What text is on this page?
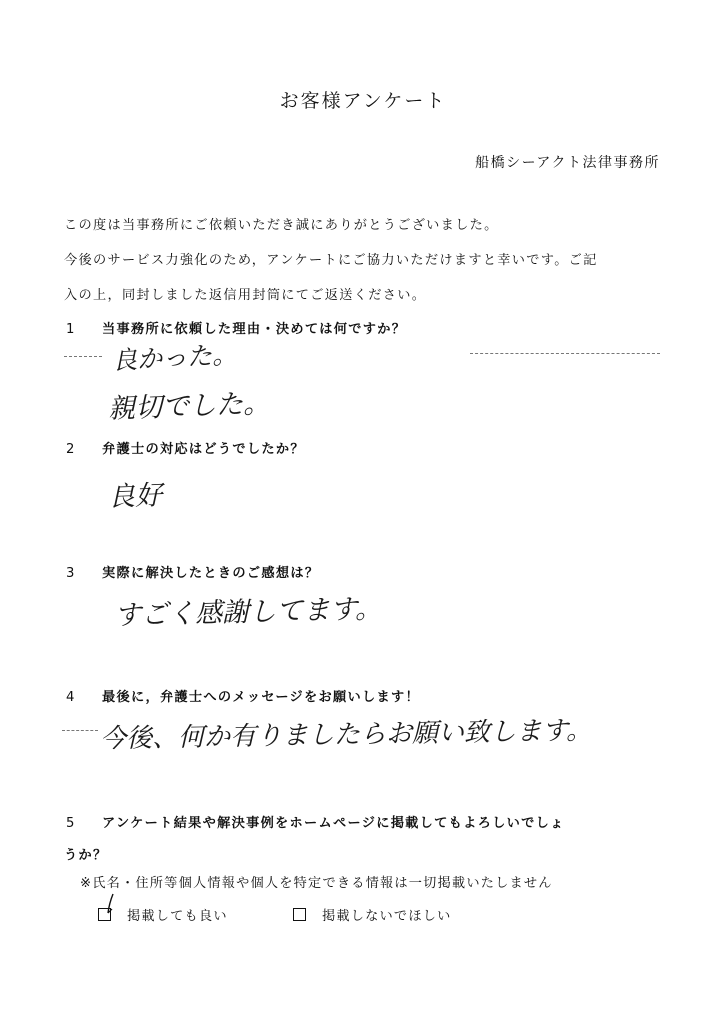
お客様アンケート
船橋シーアクト法律事務所
この度は当事務所にご依頼いただき誠にありがとうございました。
今後のサービス力強化のため，アンケートにご協力いただけますと幸いです。ご記
入の上，同封しました返信用封筒にてご返送ください。
1 当事務所に依頼した理由・決めては何ですか？
良かった。
親切でした。
2 弁護士の対応はどうでしたか？
良好
3 実際に解決したときのご感想は？
すごく感謝してます。
4 最後に，弁護士へのメッセージをお願いします！
今後、何か有りましたらお願い致します。
5 アンケート結果や解決事例をホームページに掲載してもよろしいでしょ
うか？
※氏名・住所等個人情報や個人を特定できる情報は一切掲載いたしません
掲載しても良い	掲載しないでほしい
